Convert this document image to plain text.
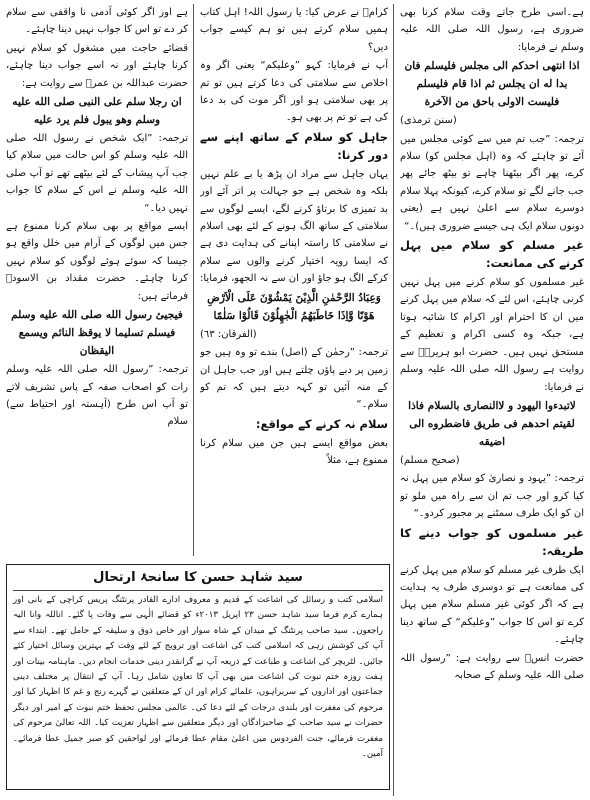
ہے۔اسی طرح جاتے وقت سلام کرنا بھی ضروری ہے، رسول اللہ صلی اللہ علیہ وسلم نے فرمایا:

اذا انتهى احدكم الى مجلس فليسلم فان بدا له ان يجلس ثم اذا قام فليسلم فليست الاولى باحق من الآخرة

(سنن ترمذی)

ترجمہ: ”جب تم میں سے کوئی مجلس میں آئے تو چاہئے کہ وہ (اہل مجلس کو) سلام کرے، پھر اگر بیٹھنا چاہے تو بیٹھ جائے پھر جب جانے لگے تو سلام کرے، کیونکہ پہلا سلام دوسرے سلام سے اعلیٰ نہیں ہے (یعنی دونوں سلام ایک ہی جیسے ضروری ہیں)۔“

غیر مسلم کو سلام میں پہل کرنے کی ممانعت:

غیر مسلموں کو سلام کرنے میں پہل نہیں کرنی چاہئے، اس لئے کہ سلام میں پہل کرنے میں ان کا احترام اور اکرام کا شائبہ ہوتا ہے، جبکہ وہ کسی اکرام و تعظیم کے مستحق نہیں ہیں۔ حضرت ابو ہریرہؓ سے روایت ہے رسول اللہ صلی اللہ علیہ وسلم نے فرمایا:

لاتبدءوا اليهود و لاالنصارى بالسلام فاذا لقيتم احدهم فى طريق فاضطروه الى اضيقه

(صحیح مسلم)

ترجمہ: ”یہود و نصاریٰ کو سلام میں پہل نہ کیا کرو اور جب تم ان سے راہ میں ملو تو ان کو ایک طرف سمٹنے پر مجبور کردو۔“

غیر مسلموں کو جواب دینے کا طریقہ:

ایک طرف غیر مسلم کو سلام میں پہل کرنے کی ممانعت ہے تو دوسری طرف یہ ہدایت ہے کہ اگر کوئی غیر مسلم سلام میں پہل کرے تو اس کا جواب ”وعلیکم“ کے ساتھ دینا چاہئے۔

حضرت انسؓ سے روایت ہے: ”رسول اللہ صلی اللہ علیہ وسلم کے صحابہ

کرامؓ نے عرض کیا: یا رسول اللہ! اہل کتاب ہمیں سلام کرتے ہیں تو ہم کیسے جواب دیں؟

آپ نے فرمایا: کہو ”وعلیکم“ یعنی اگر وہ اخلاص سے سلامتی کی دعا کرتے ہیں تو تم پر بھی سلامتی ہو اور اگر موت کی بد دعا کی ہے تو تم پر بھی ہو۔

جاہل کو سلام کے ساتھ اپنے سے دور کرنا:

یہاں جاہل سے مراد ان پڑھ یا بے علم نہیں بلکہ وہ شخص ہے جو جہالت پر اتر آئے اور بد تمیزی کا برتاؤ کرنے لگے، ایسے لوگوں سے سلامتی کے ساتھ الگ ہونے کے لئے بھی اسلام نے سلامتی کا راستہ اپنانے کی ہدایت دی ہے کہ ایسا رویہ اختیار کرنے والوں سے سلام کرکے الگ ہو جاؤ اور ان سے نہ الجھو، فرمایا:

وَعِبَادُ الرَّحْمٰنِ الَّذِيْنَ يَمْشُوْنَ عَلَى الْاَرْضِ هَوْنًا وَّاِذَا خَاطَبَهُمُ الْجٰهِلُوْنَ قَالُوْا سَلٰمًا

(الفرقان: ٦٣)

ترجمہ: ”رحمٰن کے (اصل) بندے تو وہ ہیں جو زمین پر دبے پاؤں چلتے ہیں اور جب جاہل ان کے منہ آئیں تو کہہ دیتے ہیں کہ تم کو سلام۔“

سلام نہ کرنے کے مواقع:

بعض مواقع ایسے ہیں جن میں سلام کرنا ممنوع ہے، مثلاً

ہے اور اگر کوئی آدمی نا واقفی سے سلام کر دے تو اس کا جواب نہیں دینا چاہئے۔

قضائے حاجت میں مشغول کو سلام نہیں کرنا چاہئے اور نہ اسے جواب دینا چاہئے، حضرت عبداللہ بن عمرؓ سے روایت ہے:

ان رجلا سلم على النبى صلى الله عليه وسلم وهو يبول فلم يرد عليه

ترجمہ: ”ایک شخص نے رسول اللہ صلی اللہ علیہ وسلم کو اس حالت میں سلام کیا جب آپ پیشاب کے لئے بیٹھے تھے تو آپ صلی اللہ علیہ وسلم نے اس کے سلام کا جواب نہیں دیا۔“

ایسے مواقع پر بھی سلام کرنا ممنوع ہے جس میں لوگوں کے آرام میں خلل واقع ہو جیسا کہ سوئے ہوئے لوگوں کو سلام نہیں کرنا چاہئے۔ حضرت مقداد بن الاسودؓ فرماتے ہیں:

فيجيئ رسول الله صلى الله عليه وسلم فيسلم تسليما لا يوقظ النائم ويسمع اليقظان

ترجمہ: ”رسول اللہ صلی اللہ علیہ وسلم رات کو اصحاب صفہ کے پاس تشریف لاتے تو آپ اس طرح (آہستہ اور احتیاط سے) سلام

سید شاہد حسن کا سانحۂ ارتحال

اسلامی کتب و رسائل کی اشاعت کے قدیم و معروف ادارے القادر پرنٹنگ پریس کراچی کے بانی اور ہمارے کرم فرما سید شاہد حسن ۲۳ اپریل ۲۰۱۳ء کو قضائے الٰہی سے وفات پا گئے۔ اناللہ وانا الیہ راجعون۔ سید صاحب پرنٹنگ کے میدان کے شاہ سوار اور خاص ذوق و سلیقہ کے حامل تھے۔ ابتداء سے آپ کی کوشش رہی کہ اسلامی کتب کی اشاعت اور ترویج کے لئے وقت کے بہترین وسائل اختیار کئے جائیں۔ لٹریچر کی اشاعت و طباعت کے ذریعہ آپ نے گرانقدر دینی خدمات انجام دیں۔ ماہنامہ بینات اور ہفت روزہ ختم نبوت کی اشاعت میں بھی آپ کا تعاون شامل رہا۔ آپ کے انتقال پر مختلف دینی جماعتوں اور اداروں کے سربراہوں، علمائے کرام اور ان کے متعلقین نے گہرے رنج و غم کا اظہار کیا اور مرحوم کی مغفرت اور بلندی درجات کے لئے دعا کی۔ عالمی مجلس تحفظ ختم نبوت کے امیر اور دیگر حضرات نے سید صاحب کے صاحبزادگان اور دیگر متعلقین سے اظہار تعزیت کیا۔ اللہ تعالیٰ مرحوم کی مغفرت فرمائے، جنت الفردوس میں اعلیٰ مقام عطا فرمائے اور لواحقین کو صبر جمیل عطا فرمائے۔ آمین۔
